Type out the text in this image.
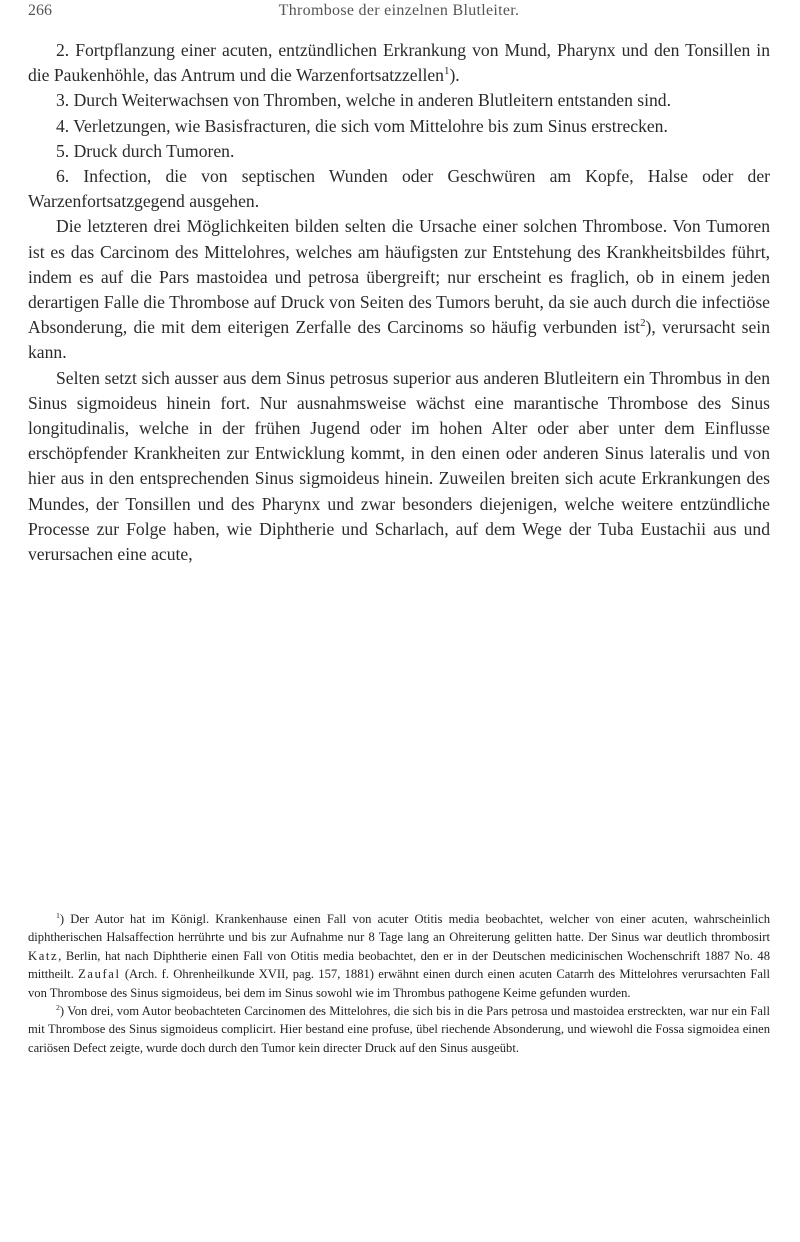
266	Thrombose der einzelnen Blutleiter.

2. Fortpflanzung einer acuten, entzündlichen Erkrankung von Mund, Pharynx und den Tonsillen in die Paukenhöhle, das Antrum und die Warzenfortsatzzellen$^1$).

3. Durch Weiterwachsen von Thromben, welche in anderen Blutleitern entstanden sind.

4. Verletzungen, wie Basisfracturen, die sich vom Mittelohre bis zum Sinus erstrecken.

5. Druck durch Tumoren.

6. Infection, die von septischen Wunden oder Geschwüren am Kopfe, Halse oder der Warzenfortsatzgegend ausgehen.

Die letzteren drei Möglichkeiten bilden selten die Ursache einer solchen Thrombose. Von Tumoren ist es das Carcinom des Mittelohres, welches am häufigsten zur Entstehung des Krankheitsbildes führt, indem es auf die Pars mastoidea und petrosa übergreift; nur erscheint es fraglich, ob in einem jeden derartigen Falle die Thrombose auf Druck von Seiten des Tumors beruht, da sie auch durch die infectiöse Absonderung, die mit dem eiterigen Zerfalle des Carcinoms so häufig verbunden ist$^2$), verursacht sein kann.

Selten setzt sich ausser aus dem Sinus petrosus superior aus anderen Blutleitern ein Thrombus in den Sinus sigmoideus hinein fort. Nur ausnahmsweise wächst eine marantische Thrombose des Sinus longitudinalis, welche in der frühen Jugend oder im hohen Alter oder aber unter dem Einflusse erschöpfender Krankheiten zur Entwicklung kommt, in den einen oder anderen Sinus lateralis und von hier aus in den entsprechenden Sinus sigmoideus hinein. Zuweilen breiten sich acute Erkrankungen des Mundes, der Tonsillen und des Pharynx und zwar besonders diejenigen, welche weitere entzündliche Processe zur Folge haben, wie Diphtherie und Scharlach, auf dem Wege der Tuba Eustachii aus und verursachen eine acute,

$^1$) Der Autor hat im Königl. Krankenhause einen Fall von acuter Otitis media beobachtet, welcher von einer acuten, wahrscheinlich diphtherischen Halsaffection herrührte und bis zur Aufnahme nur 8 Tage lang an Ohreiterung gelitten hatte. Der Sinus war deutlich thrombosirt Katz, Berlin, hat nach Diphtherie einen Fall von Otitis media beobachtet, den er in der Deutschen medicinischen Wochenschrift 1887 No. 48 mittheilt. Zaufal (Arch. f. Ohrenheilkunde XVII, pag. 157, 1881) erwähnt einen durch einen acuten Catarrh des Mittelohres verursachten Fall von Thrombose des Sinus sigmoideus, bei dem im Sinus sowohl wie im Thrombus pathogene Keime gefunden wurden.

$^2$) Von drei, vom Autor beobachteten Carcinomen des Mittelohres, die sich bis in die Pars petrosa und mastoidea erstreckten, war nur ein Fall mit Thrombose des Sinus sigmoideus complicirt. Hier bestand eine profuse, übel riechende Absonderung, und wiewohl die Fossa sigmoidea einen cariösen Defect zeigte, wurde doch durch den Tumor kein directer Druck auf den Sinus ausgeübt.
